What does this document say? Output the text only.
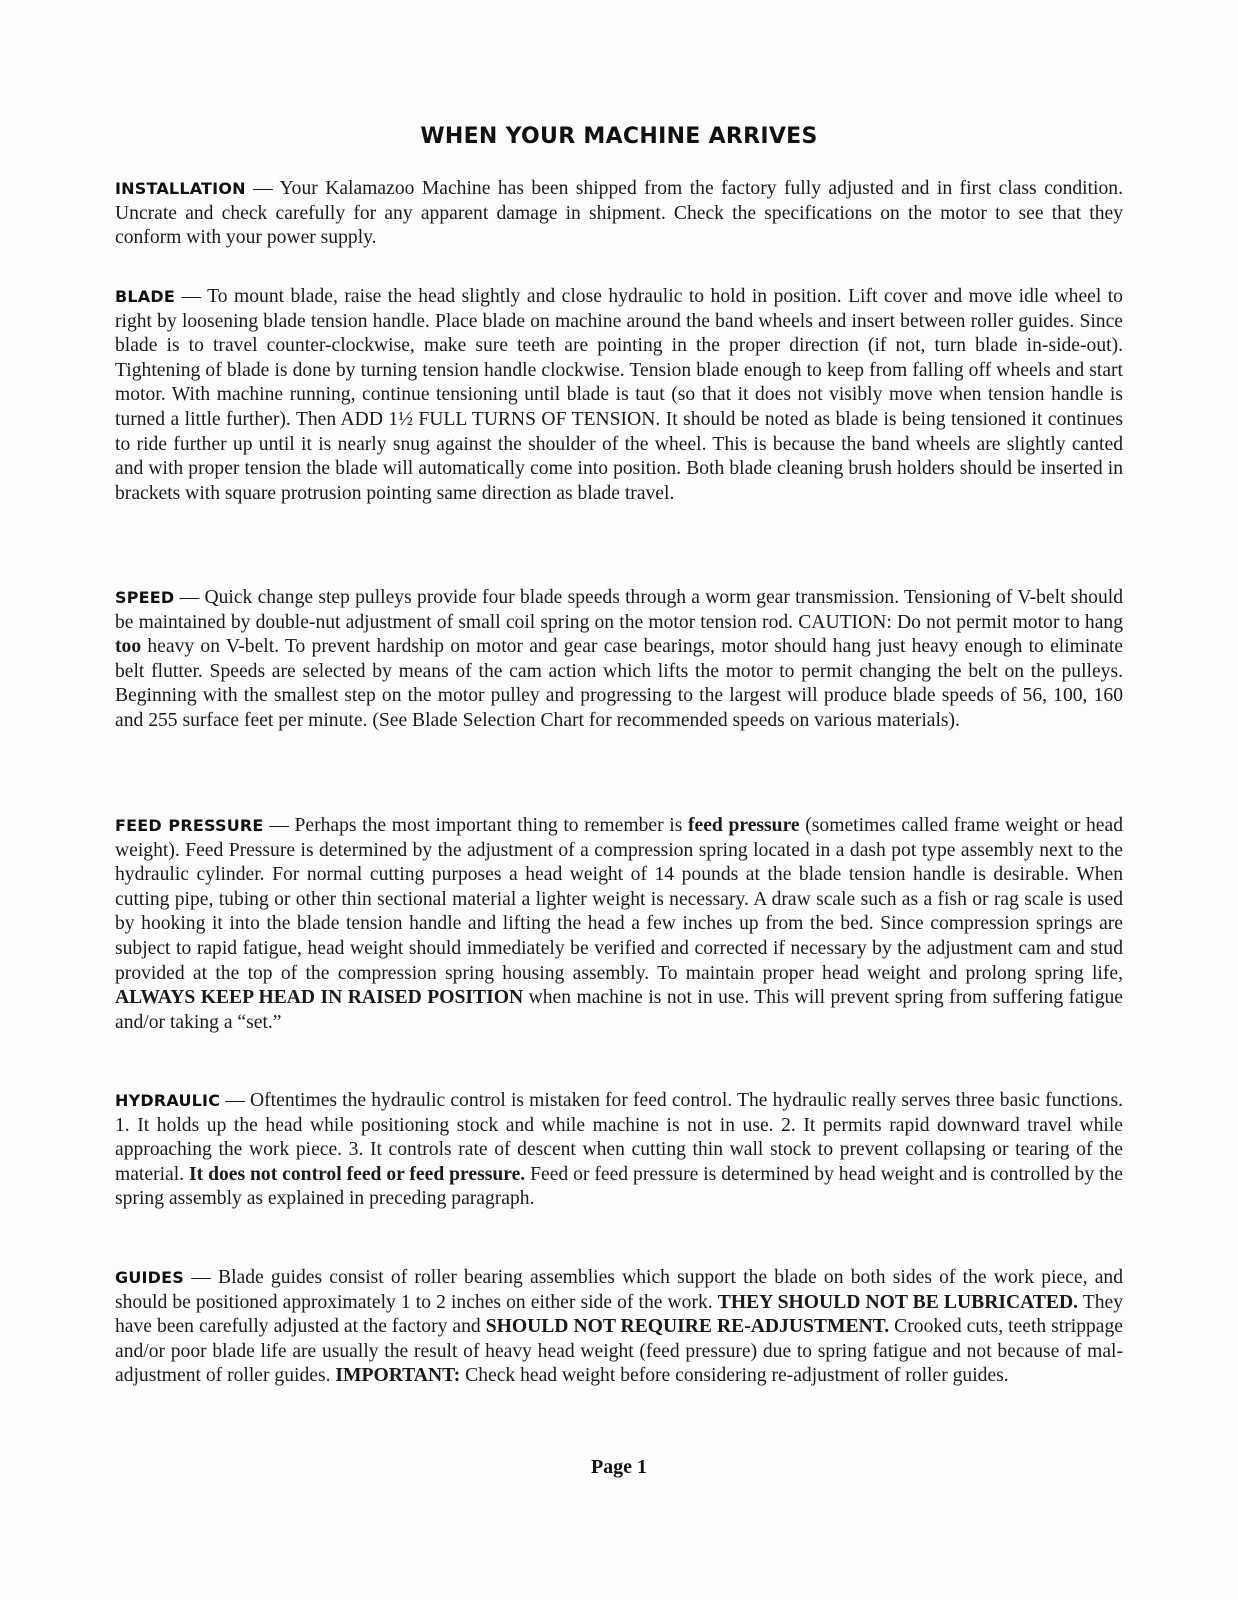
WHEN YOUR MACHINE ARRIVES

INSTALLATION — Your Kalamazoo Machine has been shipped from the factory fully adjusted and in first class condition. Uncrate and check carefully for any apparent damage in shipment. Check the specifications on the motor to see that they conform with your power supply.

BLADE — To mount blade, raise the head slightly and close hydraulic to hold in position. Lift cover and move idle wheel to right by loosening blade tension handle. Place blade on machine around the band wheels and insert between roller guides. Since blade is to travel counter-clockwise, make sure teeth are pointing in the proper direction (if not, turn blade in-side-out). Tightening of blade is done by turning tension handle clockwise. Tension blade enough to keep from falling off wheels and start motor. With machine running, continue tensioning until blade is taut (so that it does not visibly move when tension handle is turned a little further). Then ADD 1½ FULL TURNS OF TENSION. It should be noted as blade is being tensioned it continues to ride further up until it is nearly snug against the shoulder of the wheel. This is because the band wheels are slightly canted and with proper tension the blade will automatically come into position. Both blade cleaning brush holders should be inserted in brackets with square protrusion pointing same direction as blade travel.

SPEED — Quick change step pulleys provide four blade speeds through a worm gear transmission. Tensioning of V-belt should be maintained by double-nut adjustment of small coil spring on the motor tension rod. CAUTION: Do not permit motor to hang too heavy on V-belt. To prevent hardship on motor and gear case bearings, motor should hang just heavy enough to eliminate belt flutter. Speeds are selected by means of the cam action which lifts the motor to permit changing the belt on the pulleys. Beginning with the smallest step on the motor pulley and progressing to the largest will produce blade speeds of 56, 100, 160 and 255 surface feet per minute. (See Blade Selection Chart for recommended speeds on various materials).

FEED PRESSURE — Perhaps the most important thing to remember is feed pressure (sometimes called frame weight or head weight). Feed Pressure is determined by the adjustment of a compression spring located in a dash pot type assembly next to the hydraulic cylinder. For normal cutting purposes a head weight of 14 pounds at the blade tension handle is desirable. When cutting pipe, tubing or other thin sectional material a lighter weight is necessary. A draw scale such as a fish or rag scale is used by hooking it into the blade tension handle and lifting the head a few inches up from the bed. Since compression springs are subject to rapid fatigue, head weight should immediately be verified and corrected if necessary by the adjustment cam and stud provided at the top of the compression spring housing assembly. To maintain proper head weight and prolong spring life, ALWAYS KEEP HEAD IN RAISED POSITION when machine is not in use. This will prevent spring from suffering fatigue and/or taking a “set.”

HYDRAULIC — Oftentimes the hydraulic control is mistaken for feed control. The hydraulic really serves three basic functions. 1. It holds up the head while positioning stock and while machine is not in use. 2. It permits rapid downward travel while approaching the work piece. 3. It controls rate of descent when cutting thin wall stock to prevent collapsing or tearing of the material. It does not control feed or feed pressure. Feed or feed pressure is determined by head weight and is controlled by the spring assembly as explained in preceding paragraph.

GUIDES — Blade guides consist of roller bearing assemblies which support the blade on both sides of the work piece, and should be positioned approximately 1 to 2 inches on either side of the work. THEY SHOULD NOT BE LUBRICATED. They have been carefully adjusted at the factory and SHOULD NOT REQUIRE RE-ADJUSTMENT. Crooked cuts, teeth strippage and/or poor blade life are usually the result of heavy head weight (feed pressure) due to spring fatigue and not because of mal-adjustment of roller guides. IMPORTANT: Check head weight before considering re-adjustment of roller guides.

Page 1
